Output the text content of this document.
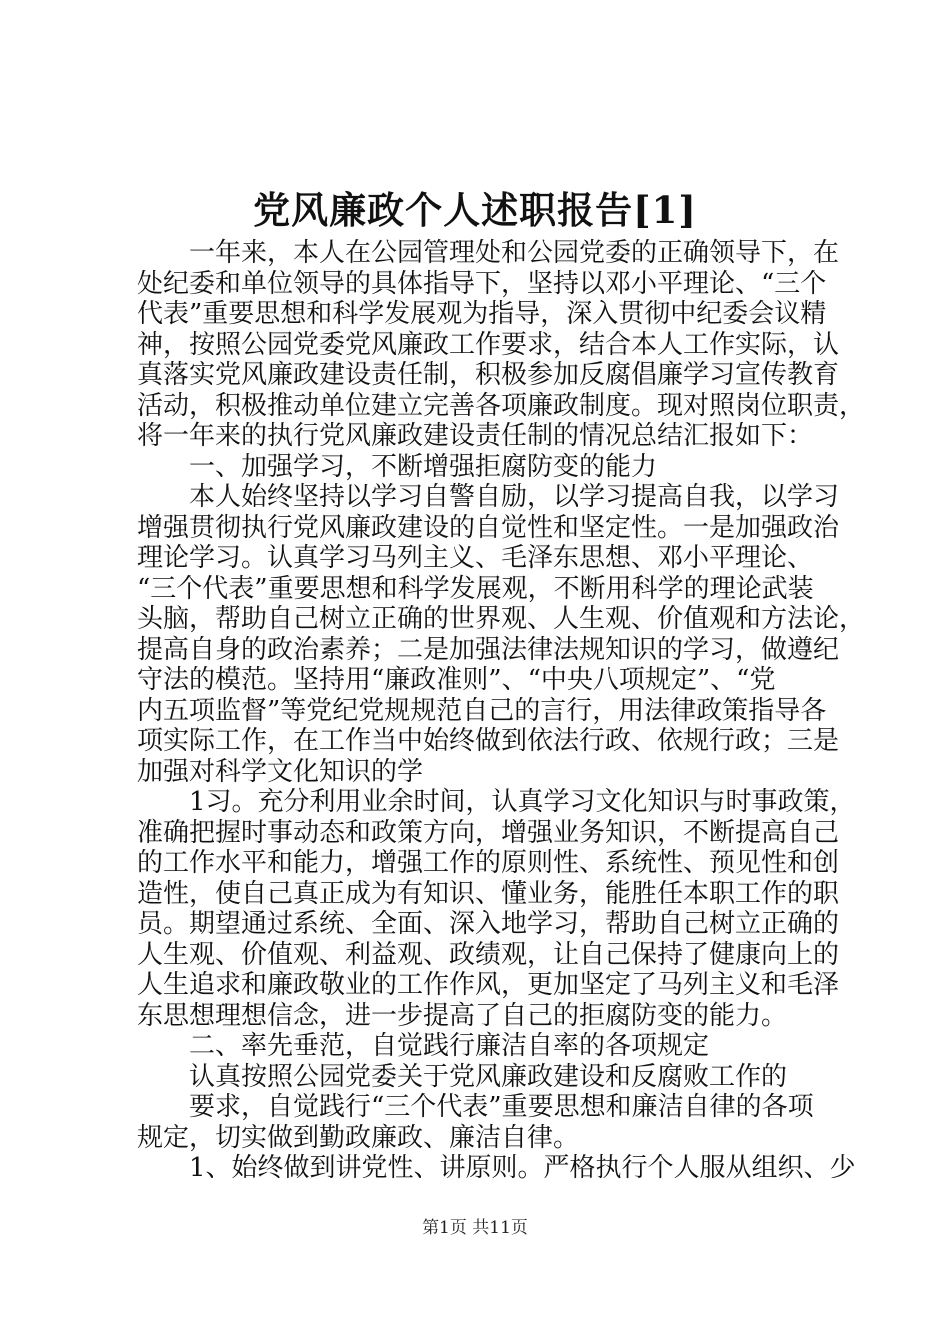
党风廉政个人述职报告[1]
　　一年来，本人在公园管理处和公园党委的正确领导下，在
处纪委和单位领导的具体指导下，坚持以邓小平理论、“三个
代表”重要思想和科学发展观为指导，深入贯彻中纪委会议精
神，按照公园党委党风廉政工作要求，结合本人工作实际，认
真落实党风廉政建设责任制，积极参加反腐倡廉学习宣传教育
活动，积极推动单位建立完善各项廉政制度。现对照岗位职责，
将一年来的执行党风廉政建设责任制的情况总结汇报如下：
　　一、加强学习，不断增强拒腐防变的能力
　　本人始终坚持以学习自警自励，以学习提高自我，以学习
增强贯彻执行党风廉政建设的自觉性和坚定性。一是加强政治
理论学习。认真学习马列主义、毛泽东思想、邓小平理论、
“三个代表”重要思想和科学发展观，不断用科学的理论武装
头脑，帮助自己树立正确的世界观、人生观、价值观和方法论，
提高自身的政治素养；二是加强法律法规知识的学习，做遵纪
守法的模范。坚持用“廉政准则”、“中央八项规定”、“党
内五项监督”等党纪党规规范自己的言行，用法律政策指导各
项实际工作，在工作当中始终做到依法行政、依规行政；三是
加强对科学文化知识的学
　　1习。充分利用业余时间，认真学习文化知识与时事政策，
准确把握时事动态和政策方向，增强业务知识，不断提高自己
的工作水平和能力，增强工作的原则性、系统性、预见性和创
造性，使自己真正成为有知识、懂业务，能胜任本职工作的职
员。期望通过系统、全面、深入地学习，帮助自己树立正确的
人生观、价值观、利益观、政绩观，让自己保持了健康向上的
人生追求和廉政敬业的工作作风，更加坚定了马列主义和毛泽
东思想理想信念，进一步提高了自己的拒腐防变的能力。
　　二、率先垂范，自觉践行廉洁自率的各项规定
　　认真按照公园党委关于党风廉政建设和反腐败工作的
　　要求，自觉践行“三个代表”重要思想和廉洁自律的各项
规定，切实做到勤政廉政、廉洁自律。
　　1、始终做到讲党性、讲原则。严格执行个人服从组织、少
第1页 共11页
